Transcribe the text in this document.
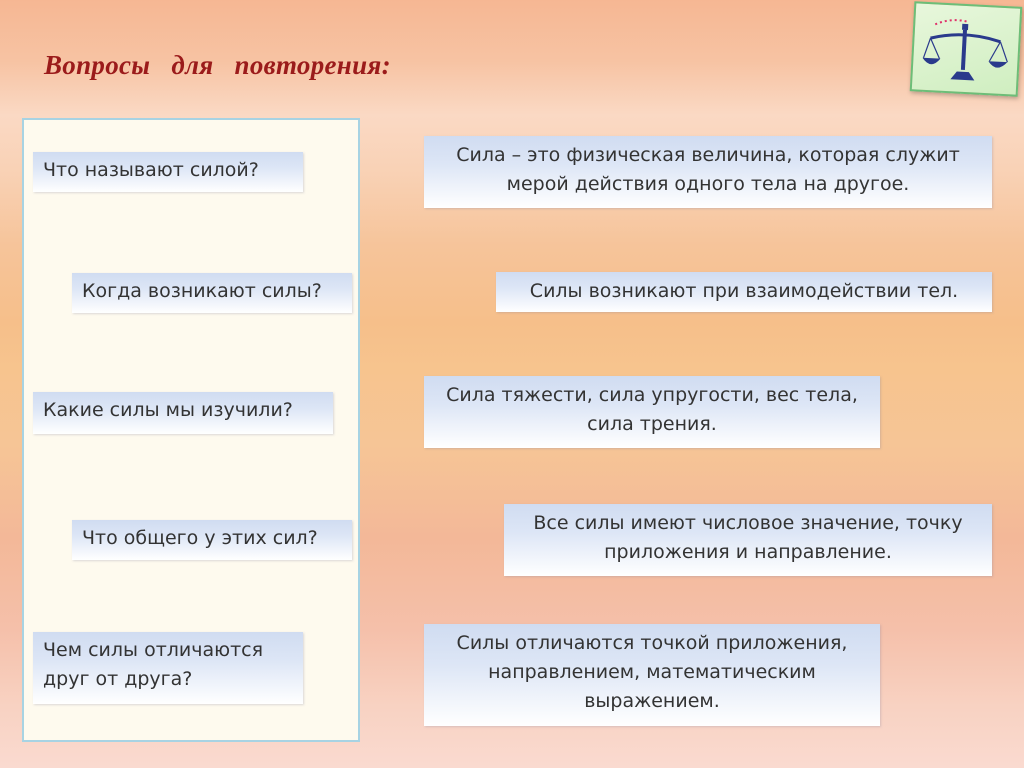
Вопросы для повторения:
Что называют силой?
Когда возникают силы?
Какие силы мы изучили?
Что общего у этих сил?
Чем силы отличаются друг от друга?
Сила – это физическая величина, которая служит мерой действия одного тела на другое.
Силы возникают при взаимодействии тел.
Сила тяжести, сила упругости, вес тела, сила трения.
Все силы имеют числовое значение, точку приложения и направление.
Силы отличаются точкой приложения, направлением, математическим выражением.
